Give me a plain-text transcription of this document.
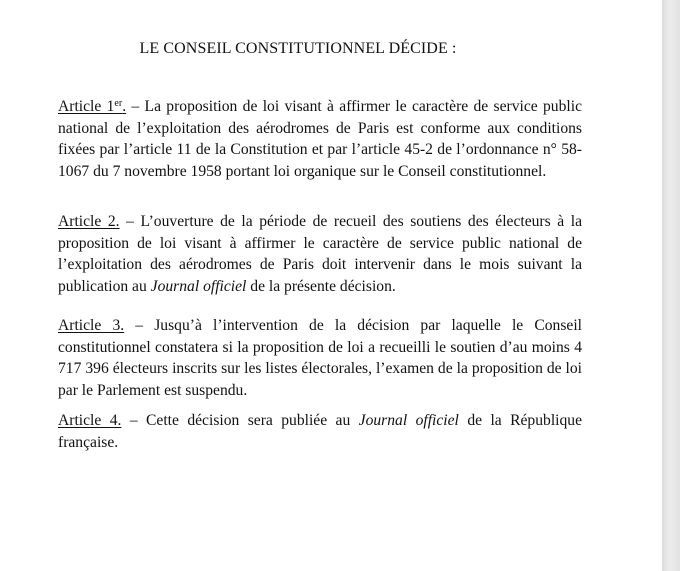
LE CONSEIL CONSTITUTIONNEL DÉCIDE :

Article 1er. – La proposition de loi visant à affirmer le caractère de service public national de l’exploitation des aérodromes de Paris est conforme aux conditions fixées par l’article 11 de la Constitution et par l’article 45-2 de l’ordonnance n° 58-1067 du 7 novembre 1958 portant loi organique sur le Conseil constitutionnel.

Article 2. – L’ouverture de la période de recueil des soutiens des électeurs à la proposition de loi visant à affirmer le caractère de service public national de l’exploitation des aérodromes de Paris doit intervenir dans le mois suivant la publication au Journal officiel de la présente décision.

Article 3. – Jusqu’à l’intervention de la décision par laquelle le Conseil constitutionnel constatera si la proposition de loi a recueilli le soutien d’au moins 4 717 396 électeurs inscrits sur les listes électorales, l’examen de la proposition de loi par le Parlement est suspendu.

Article 4. – Cette décision sera publiée au Journal officiel de la République française.
